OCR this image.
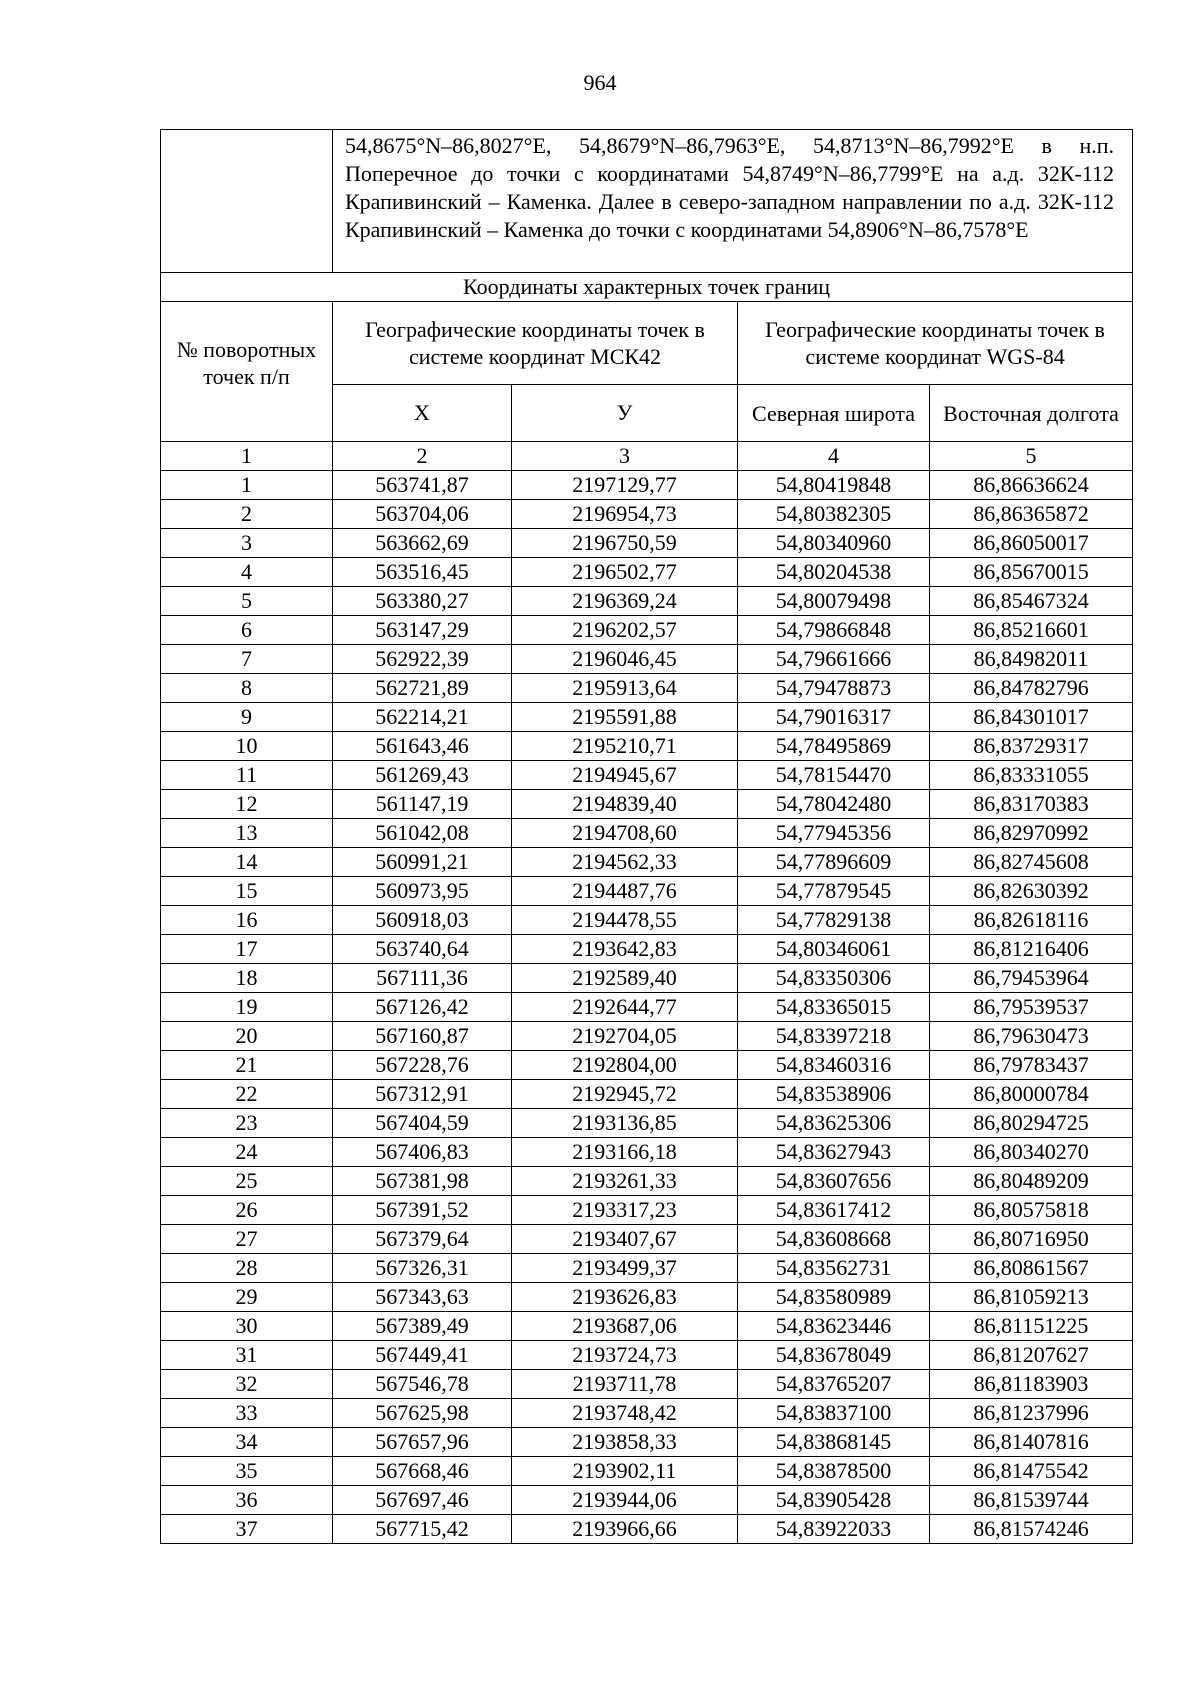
964

	54,8675°N–86,8027°E, 54,8679°N–86,7963°E, 54,8713°N–86,7992°E в н.п. Поперечное до точки с координатами 54,8749°N–86,7799°E на а.д. 32К-112 Крапивинский – Каменка. Далее в северо-западном направлении по а.д. 32К-112 Крапивинский – Каменка до точки с координатами 54,8906°N–86,7578°E			

Координаты характерных точек границ				
№ поворотных точек п/п	Географические координаты точек в системе координат МСК42		Географические координаты точек в системе координат WGS-84	
	X	У	Северная широта	Восточная долгота
1	2	3	4	5
1	563741,87	2197129,77	54,80419848	86,86636624
2	563704,06	2196954,73	54,80382305	86,86365872
3	563662,69	2196750,59	54,80340960	86,86050017
4	563516,45	2196502,77	54,80204538	86,85670015
5	563380,27	2196369,24	54,80079498	86,85467324
6	563147,29	2196202,57	54,79866848	86,85216601
7	562922,39	2196046,45	54,79661666	86,84982011
8	562721,89	2195913,64	54,79478873	86,84782796
9	562214,21	2195591,88	54,79016317	86,84301017
10	561643,46	2195210,71	54,78495869	86,83729317
11	561269,43	2194945,67	54,78154470	86,83331055
12	561147,19	2194839,40	54,78042480	86,83170383
13	561042,08	2194708,60	54,77945356	86,82970992
14	560991,21	2194562,33	54,77896609	86,82745608
15	560973,95	2194487,76	54,77879545	86,82630392
16	560918,03	2194478,55	54,77829138	86,82618116
17	563740,64	2193642,83	54,80346061	86,81216406
18	567111,36	2192589,40	54,83350306	86,79453964
19	567126,42	2192644,77	54,83365015	86,79539537
20	567160,87	2192704,05	54,83397218	86,79630473
21	567228,76	2192804,00	54,83460316	86,79783437
22	567312,91	2192945,72	54,83538906	86,80000784
23	567404,59	2193136,85	54,83625306	86,80294725
24	567406,83	2193166,18	54,83627943	86,80340270
25	567381,98	2193261,33	54,83607656	86,80489209
26	567391,52	2193317,23	54,83617412	86,80575818
27	567379,64	2193407,67	54,83608668	86,80716950
28	567326,31	2193499,37	54,83562731	86,80861567
29	567343,63	2193626,83	54,83580989	86,81059213
30	567389,49	2193687,06	54,83623446	86,81151225
31	567449,41	2193724,73	54,83678049	86,81207627
32	567546,78	2193711,78	54,83765207	86,81183903
33	567625,98	2193748,42	54,83837100	86,81237996
34	567657,96	2193858,33	54,83868145	86,81407816
35	567668,46	2193902,11	54,83878500	86,81475542
36	567697,46	2193944,06	54,83905428	86,81539744
37	567715,42	2193966,66	54,83922033	86,81574246
